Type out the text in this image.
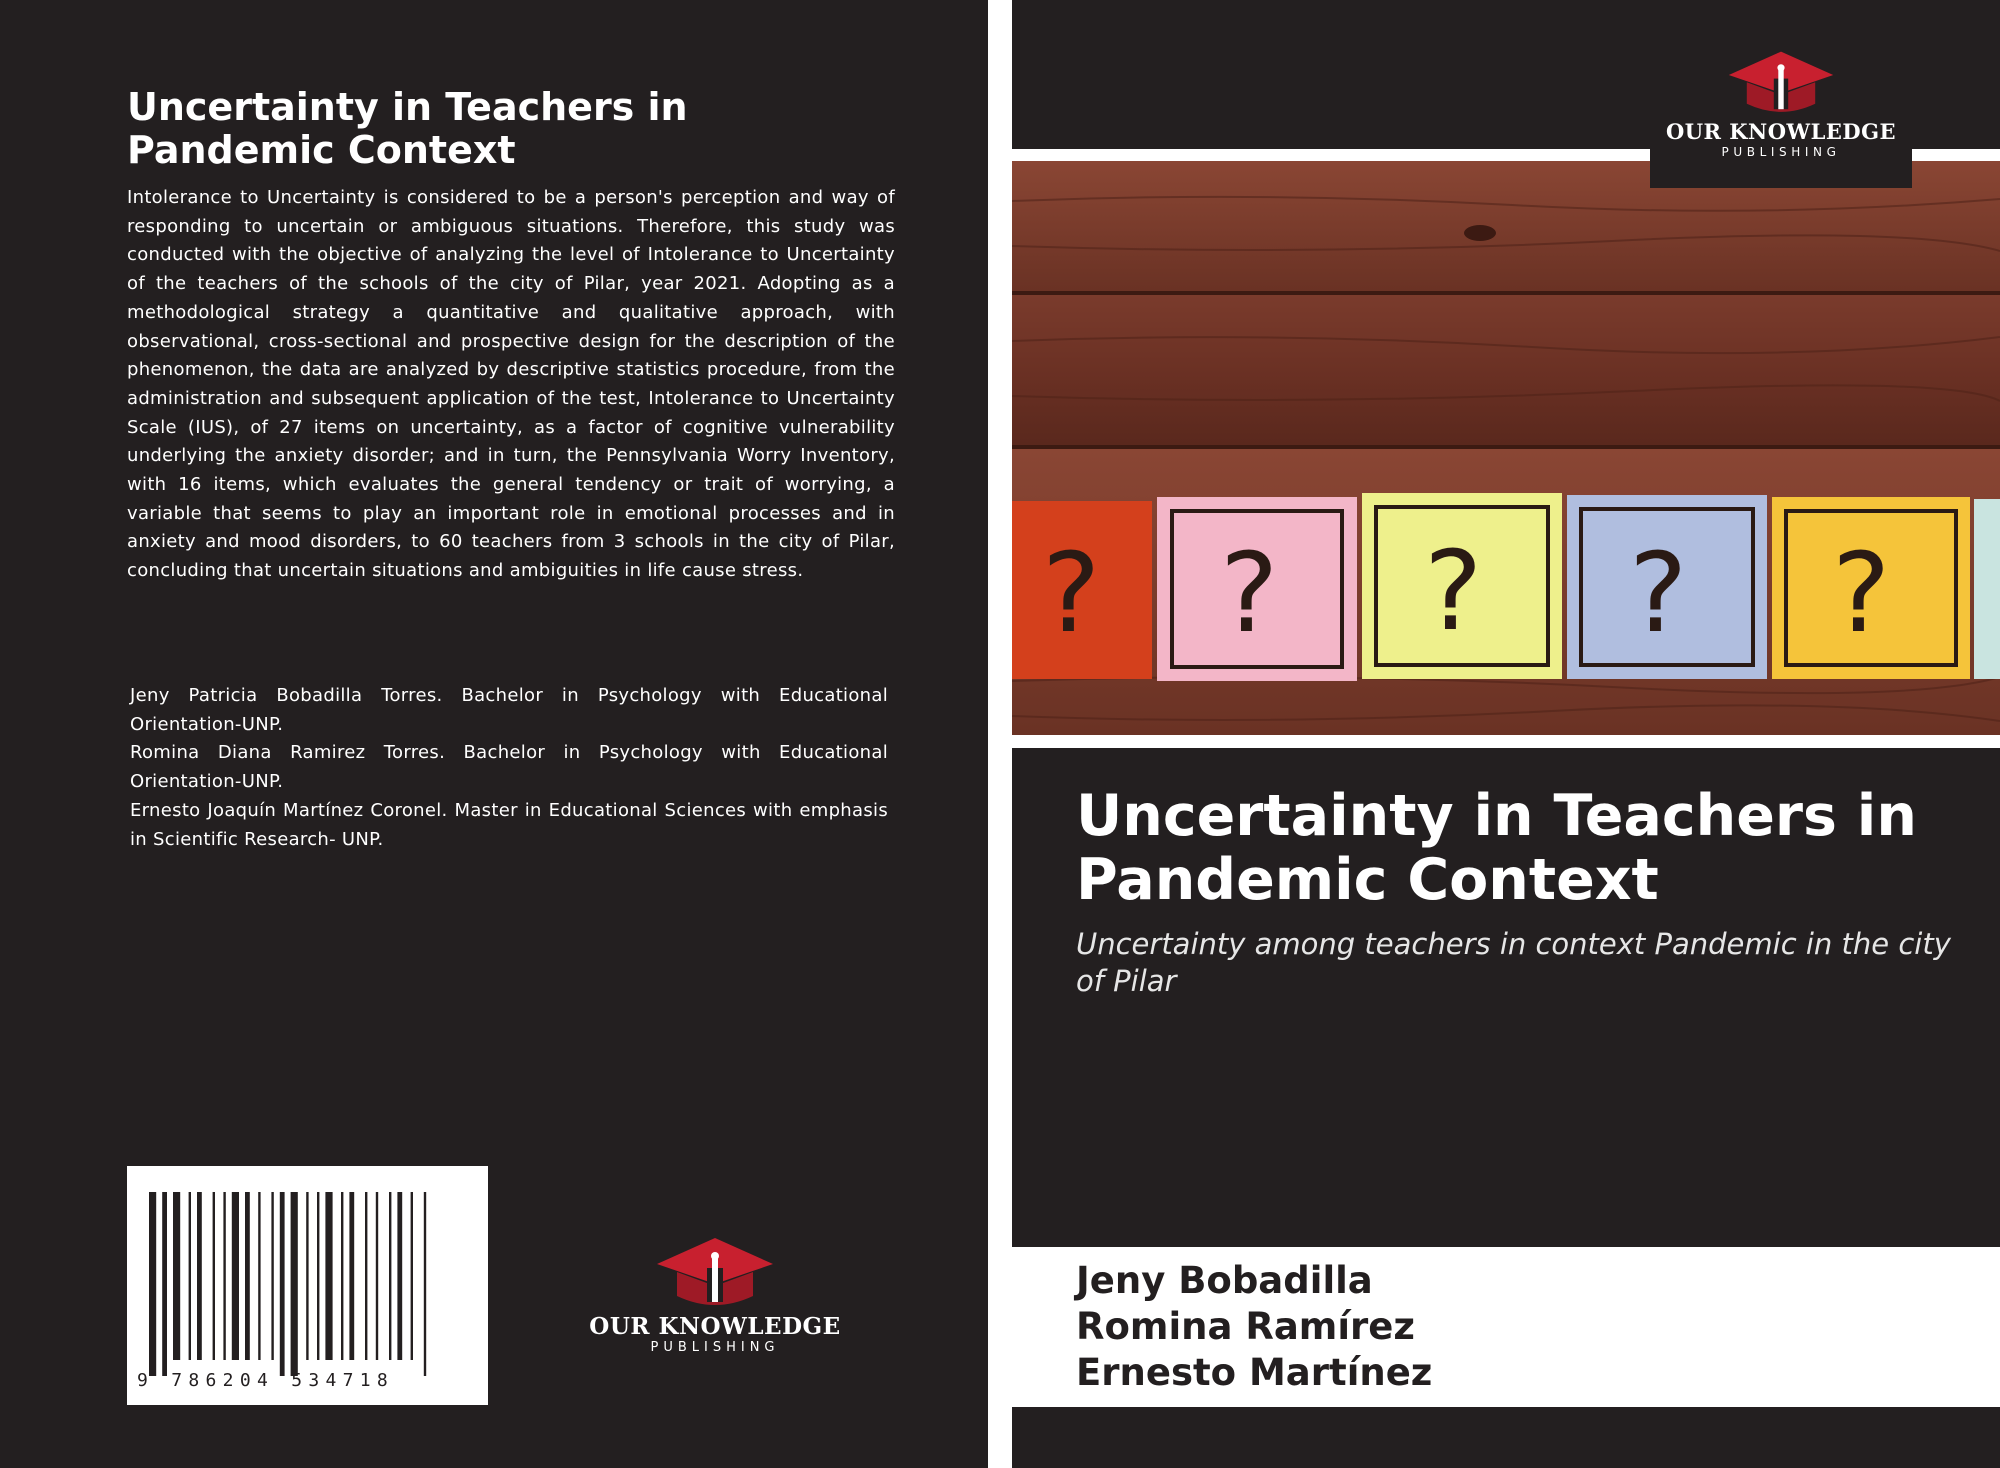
Uncertainty in Teachers in Pandemic Context

Intolerance to Uncertainty is considered to be a person's perception and way of responding to uncertain or ambiguous situations. Therefore, this study was conducted with the objective of analyzing the level of Intolerance to Uncertainty of the teachers of the schools of the city of Pilar, year 2021. Adopting as a methodological strategy a quantitative and qualitative approach, with observational, cross-sectional and prospective design for the description of the phenomenon, the data are analyzed by descriptive statistics procedure, from the administration and subsequent application of the test, Intolerance to Uncertainty Scale (IUS), of 27 items on uncertainty, as a factor of cognitive vulnerability underlying the anxiety disorder; and in turn, the Pennsylvania Worry Inventory, with 16 items, which evaluates the general tendency or trait of worrying, a variable that seems to play an important role in emotional processes and in anxiety and mood disorders, to 60 teachers from 3 schools in the city of Pilar, concluding that uncertain situations and ambiguities in life cause stress.

Jeny Patricia Bobadilla Torres. Bachelor in Psychology with Educational Orientation-UNP.

Romina Diana Ramirez Torres. Bachelor in Psychology with Educational Orientation-UNP.

Ernesto Joaquín Martínez Coronel. Master in Educational Sciences with emphasis in Scientific Research- UNP.

9 786204 534718
OUR KNOWLEDGE
PUBLISHING
? ? ? ? ?
OUR KNOWLEDGE
PUBLISHING
Uncertainty in Teachers in Pandemic Context

Uncertainty among teachers in context Pandemic in the city of Pilar

Jeny Bobadilla
Romina Ramírez
Ernesto Martínez
